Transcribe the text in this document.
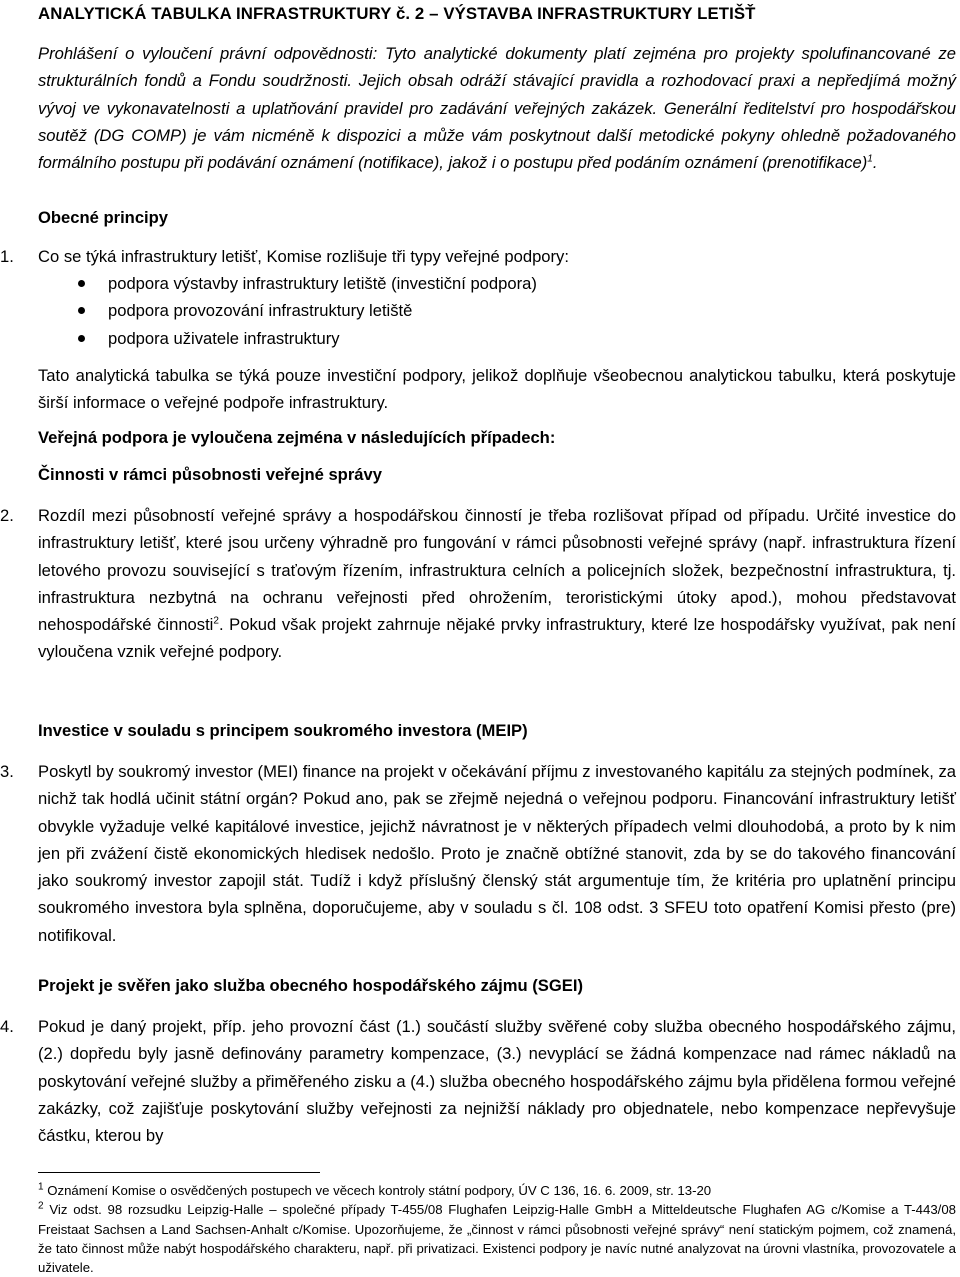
ANALYTICKÁ TABULKA INFRASTRUKTURY č. 2 – VÝSTAVBA INFRASTRUKTURY LETIŠŤ
Prohlášení o vyloučení právní odpovědnosti: Tyto analytické dokumenty platí zejména pro projekty spolufinancované ze strukturálních fondů a Fondu soudržnosti. Jejich obsah odráží stávající pravidla a rozhodovací praxi a nepředjímá možný vývoj ve vykonavatelnosti a uplatňování pravidel pro zadávání veřejných zakázek. Generální ředitelství pro hospodářskou soutěž (DG COMP) je vám nicméně k dispozici a může vám poskytnout další metodické pokyny ohledně požadovaného formálního postupu při podávání oznámení (notifikace), jakož i o postupu před podáním oznámení (prenotifikace)$^1$.
Obecné principy
1.	Co se týká infrastruktury letišť, Komise rozlišuje tři typy veřejné podpory:
podpora výstavby infrastruktury letiště (investiční podpora)
podpora provozování infrastruktury letiště
podpora uživatele infrastruktury
Tato analytická tabulka se týká pouze investiční podpory, jelikož doplňuje všeobecnou analytickou tabulku, která poskytuje širší informace o veřejné podpoře infrastruktury.
Veřejná podpora je vyloučena zejména v následujících případech:
Činnosti v rámci působnosti veřejné správy
2.	Rozdíl mezi působností veřejné správy a hospodářskou činností je třeba rozlišovat případ od případu. Určité investice do infrastruktury letišť, které jsou určeny výhradně pro fungování v rámci působnosti veřejné správy (např. infrastruktura řízení letového provozu související s traťovým řízením, infrastruktura celních a policejních složek, bezpečnostní infrastruktura, tj. infrastruktura nezbytná na ochranu veřejnosti před ohrožením, teroristickými útoky apod.), mohou představovat nehospodářské činnosti$^2$. Pokud však projekt zahrnuje nějaké prvky infrastruktury, které lze hospodářsky využívat, pak není vyloučena vznik veřejné podpory.
Investice v souladu s principem soukromého investora (MEIP)
3.	Poskytl by soukromý investor (MEI) finance na projekt v očekávání příjmu z investovaného kapitálu za stejných podmínek, za nichž tak hodlá učinit státní orgán? Pokud ano, pak se zřejmě nejedná o veřejnou podporu. Financování infrastruktury letišť obvykle vyžaduje velké kapitálové investice, jejichž návratnost je v některých případech velmi dlouhodobá, a proto by k nim jen při zvážení čistě ekonomických hledisek nedošlo. Proto je značně obtížné stanovit, zda by se do takového financování jako soukromý investor zapojil stát. Tudíž i když příslušný členský stát argumentuje tím, že kritéria pro uplatnění principu soukromého investora byla splněna, doporučujeme, aby v souladu s čl. 108 odst. 3 SFEU toto opatření Komisi přesto (pre) notifikoval.
Projekt je svěřen jako služba obecného hospodářského zájmu (SGEI)
4.	Pokud je daný projekt, příp. jeho provozní část (1.) součástí služby svěřené coby služba obecného hospodářského zájmu, (2.) dopředu byly jasně definovány parametry kompenzace, (3.) nevyplácí se žádná kompenzace nad rámec nákladů na poskytování veřejné služby a přiměřeného zisku a (4.) služba obecného hospodářského zájmu byla přidělena formou veřejné zakázky, což zajišťuje poskytování služby veřejnosti za nejnižší náklady pro objednatele, nebo kompenzace nepřevyšuje částku, kterou by

$^1$ Oznámení Komise o osvědčených postupech ve věcech kontroly státní podpory, ÚV C 136, 16. 6. 2009, str. 13-20

$^2$ Viz odst. 98 rozsudku Leipzig-Halle – společné případy T-455/08 Flughafen Leipzig-Halle GmbH a Mitteldeutsche Flughafen AG c/Komise a T-443/08 Freistaat Sachsen a Land Sachsen-Anhalt c/Komise. Upozorňujeme, že „činnost v rámci působnosti veřejné správy“ není statickým pojmem, což znamená, že tato činnost může nabýt hospodářského charakteru, např. při privatizaci. Existenci podpory je navíc nutné analyzovat na úrovni vlastníka, provozovatele a uživatele.
